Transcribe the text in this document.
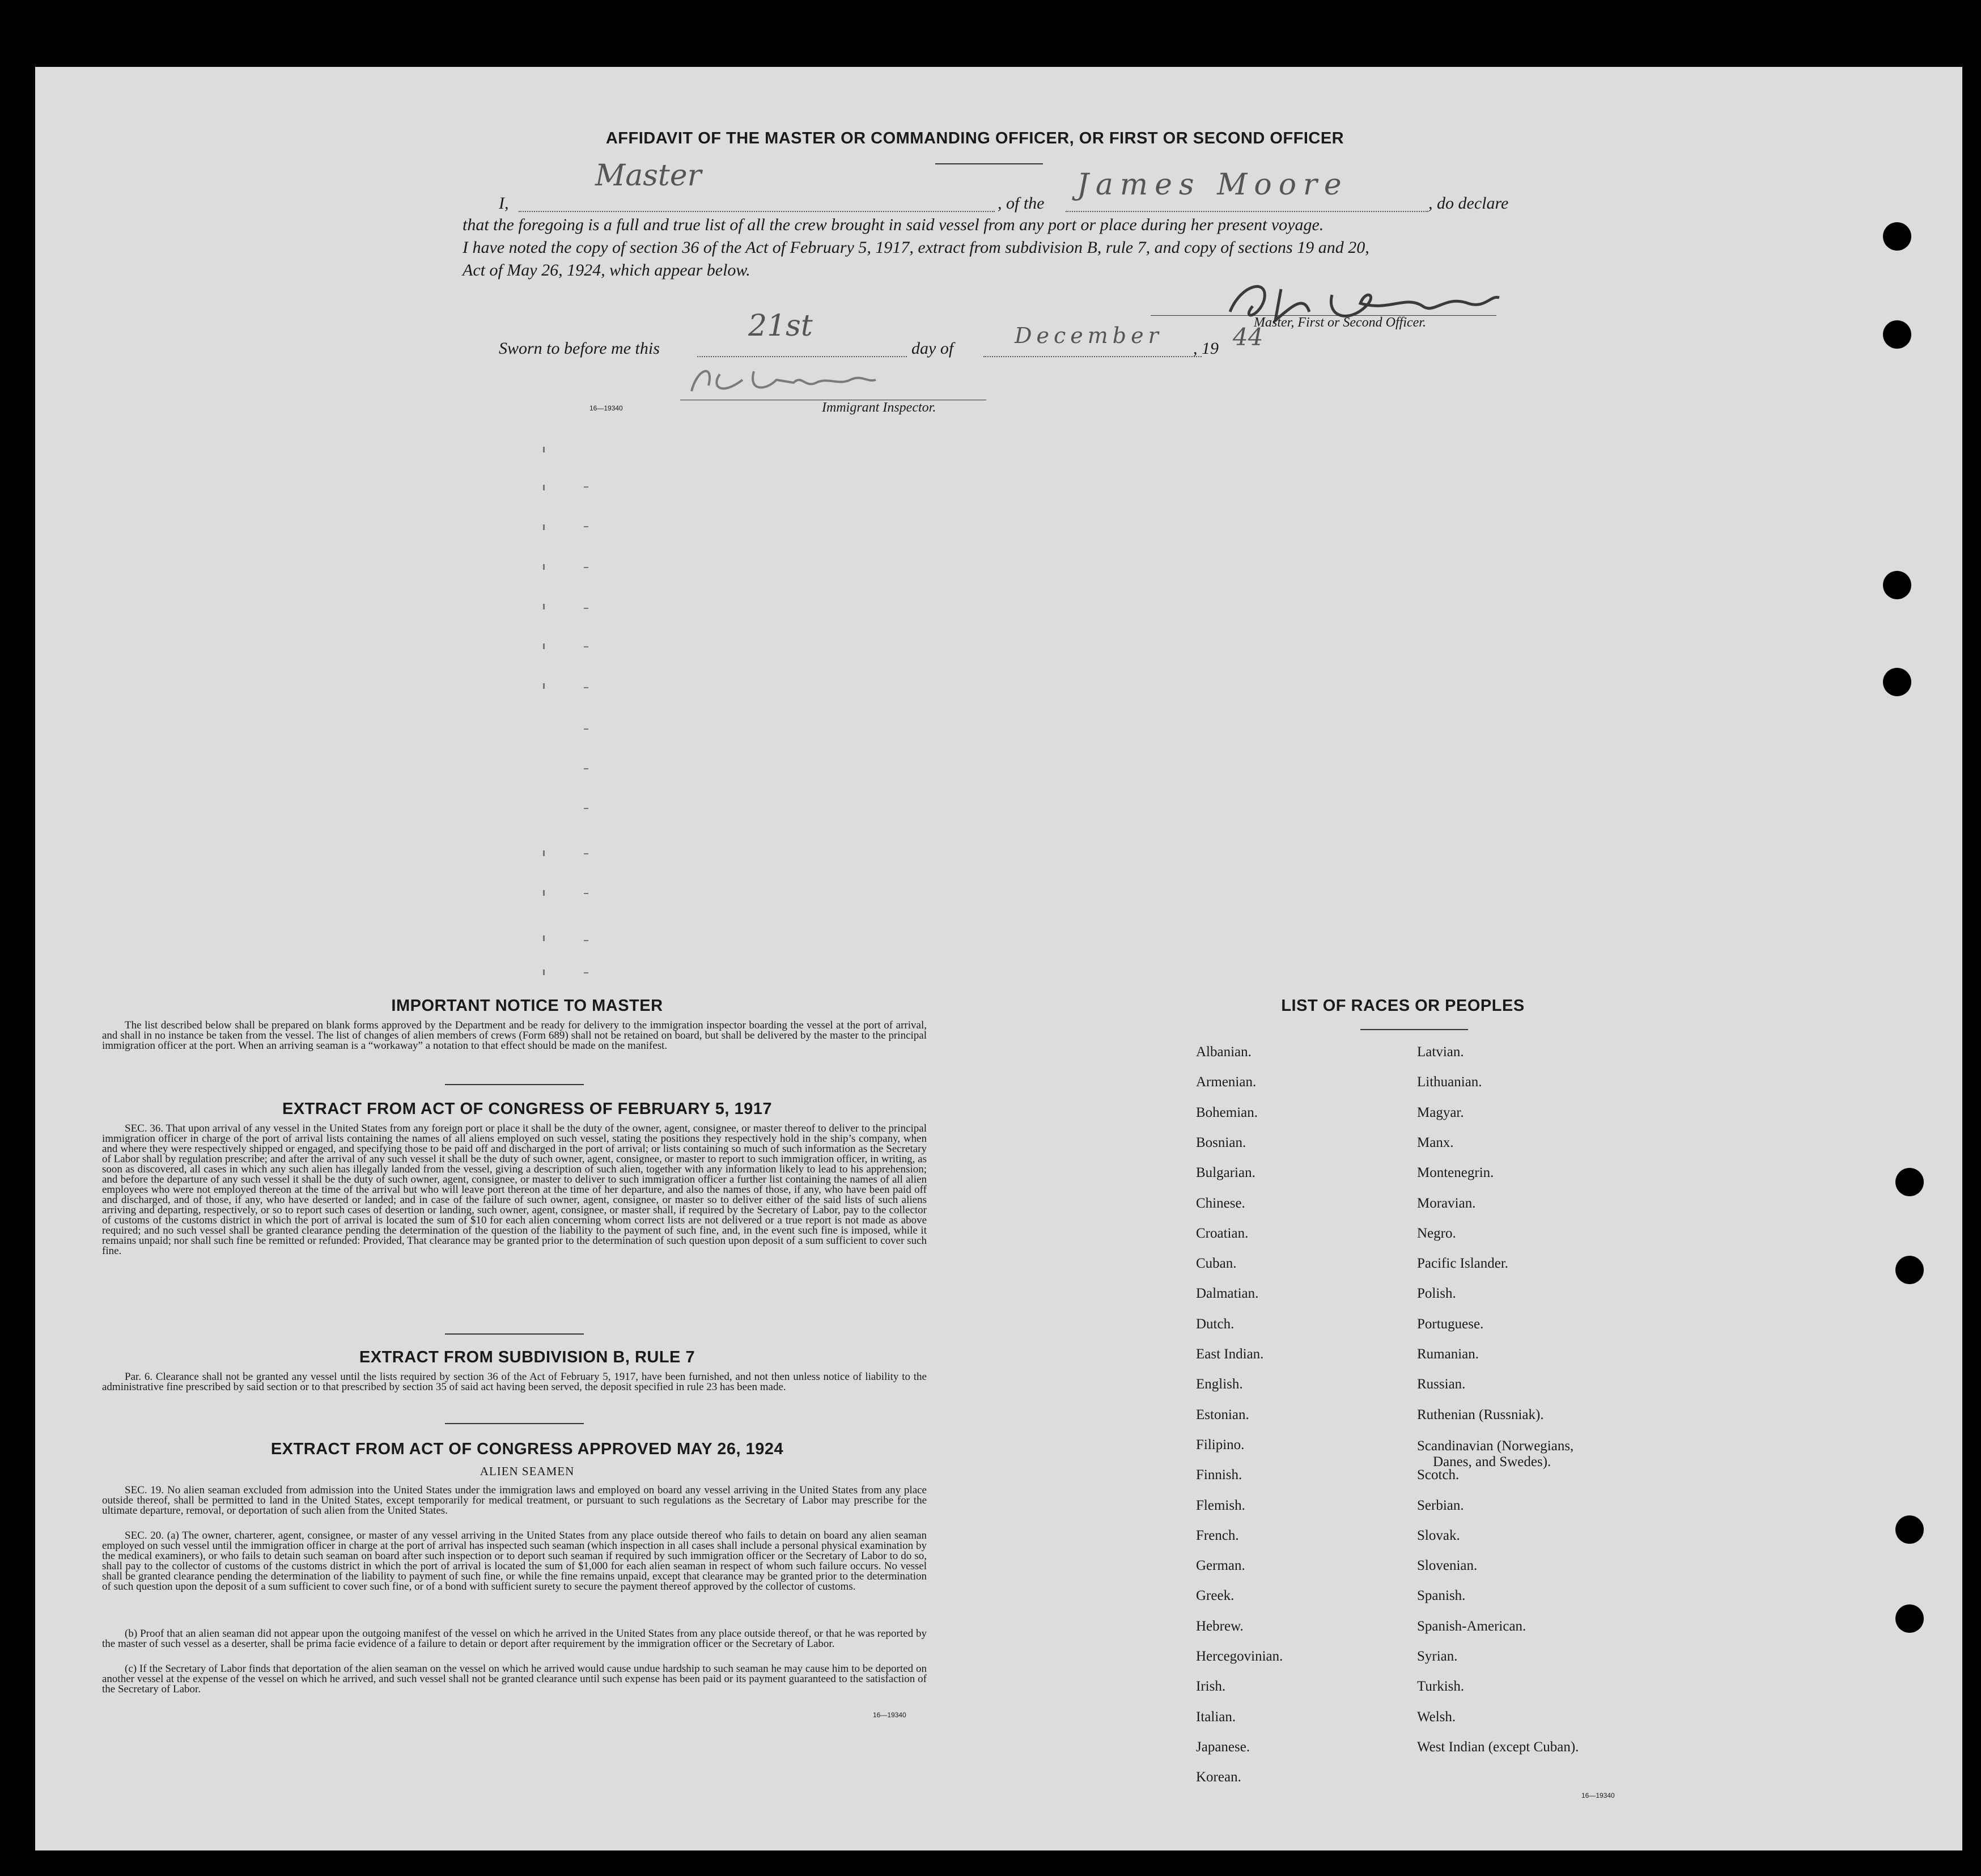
AFFIDAVIT OF THE MASTER OR COMMANDING OFFICER, OR FIRST OR SECOND OFFICER
I,
Master
, of the
James Moore
, do declare
that the foregoing is a full and true list of all the crew brought in said vessel from any port or place during her present voyage.
I have noted the copy of section 36 of the Act of February 5, 1917, extract from subdivision B, rule 7, and copy of sections 19 and 20,
Act of May 26, 1924, which appear below.
Master, First or Second Officer.
Sworn to before me this
21st
day of
December
, 19 44
16—19340	Immigrant Inspector.
IMPORTANT NOTICE TO MASTER
The list described below shall be prepared on blank forms approved by the Department and be ready for delivery to the immigration inspector boarding the vessel at the port of arrival, and shall in no instance be taken from the vessel. The list of changes of alien members of crews (Form 689) shall not be retained on board, but shall be delivered by the master to the principal immigration officer at the port. When an arriving seaman is a “workaway” a notation to that effect should be made on the manifest.
EXTRACT FROM ACT OF CONGRESS OF FEBRUARY 5, 1917
SEC. 36. That upon arrival of any vessel in the United States from any foreign port or place it shall be the duty of the owner, agent, consignee, or master thereof to deliver to the principal immigration officer in charge of the port of arrival lists containing the names of all aliens employed on such vessel, stating the positions they respectively hold in the ship’s company, when and where they were respectively shipped or engaged, and specifying those to be paid off and discharged in the port of arrival; or lists containing so much of such information as the Secretary of Labor shall by regulation prescribe; and after the arrival of any such vessel it shall be the duty of such owner, agent, consignee, or master to report to such immigration officer, in writing, as soon as discovered, all cases in which any such alien has illegally landed from the vessel, giving a description of such alien, together with any information likely to lead to his apprehension; and before the departure of any such vessel it shall be the duty of such owner, agent, consignee, or master to deliver to such immigration officer a further list containing the names of all alien employees who were not employed thereon at the time of the arrival but who will leave port thereon at the time of her departure, and also the names of those, if any, who have been paid off and discharged, and of those, if any, who have deserted or landed; and in case of the failure of such owner, agent, consignee, or master so to deliver either of the said lists of such aliens arriving and departing, respectively, or so to report such cases of desertion or landing, such owner, agent, consignee, or master shall, if required by the Secretary of Labor, pay to the collector of customs of the customs district in which the port of arrival is located the sum of $10 for each alien concerning whom correct lists are not delivered or a true report is not made as above required; and no such vessel shall be granted clearance pending the determination of the question of the liability to the payment of such fine, and, in the event such fine is imposed, while it remains unpaid; nor shall such fine be remitted or refunded: Provided, That clearance may be granted prior to the determination of such question upon deposit of a sum sufficient to cover such fine.
EXTRACT FROM SUBDIVISION B, RULE 7
Par. 6. Clearance shall not be granted any vessel until the lists required by section 36 of the Act of February 5, 1917, have been furnished, and not then unless notice of liability to the administrative fine prescribed by said section or to that prescribed by section 35 of said act having been served, the deposit specified in rule 23 has been made.
EXTRACT FROM ACT OF CONGRESS APPROVED MAY 26, 1924
ALIEN SEAMEN
SEC. 19. No alien seaman excluded from admission into the United States under the immigration laws and employed on board any vessel arriving in the United States from any place outside thereof, shall be permitted to land in the United States, except temporarily for medical treatment, or pursuant to such regulations as the Secretary of Labor may prescribe for the ultimate departure, removal, or deportation of such alien from the United States.
SEC. 20. (a) The owner, charterer, agent, consignee, or master of any vessel arriving in the United States from any place outside thereof who fails to detain on board any alien seaman employed on such vessel until the immigration officer in charge at the port of arrival has inspected such seaman (which inspection in all cases shall include a personal physical examination by the medical examiners), or who fails to detain such seaman on board after such inspection or to deport such seaman if required by such immigration officer or the Secretary of Labor to do so, shall pay to the collector of customs of the customs district in which the port of arrival is located the sum of $1,000 for each alien seaman in respect of whom such failure occurs. No vessel shall be granted clearance pending the determination of the liability to payment of such fine, or while the fine remains unpaid, except that clearance may be granted prior to the determination of such question upon the deposit of a sum sufficient to cover such fine, or of a bond with sufficient surety to secure the payment thereof approved by the collector of customs.
(b) Proof that an alien seaman did not appear upon the outgoing manifest of the vessel on which he arrived in the United States from any place outside thereof, or that he was reported by the master of such vessel as a deserter, shall be prima facie evidence of a failure to detain or deport after requirement by the immigration officer or the Secretary of Labor.
(c) If the Secretary of Labor finds that deportation of the alien seaman on the vessel on which he arrived would cause undue hardship to such seaman he may cause him to be deported on another vessel at the expense of the vessel on which he arrived, and such vessel shall not be granted clearance until such expense has been paid or its payment guaranteed to the satisfaction of the Secretary of Labor.
16—19340
LIST OF RACES OR PEOPLES
Albanian.
Armenian.
Bohemian.
Bosnian.
Bulgarian.
Chinese.
Croatian.
Cuban.
Dalmatian.
Dutch.
East Indian.
English.
Estonian.
Filipino.
Finnish.
Flemish.
French.
German.
Greek.
Hebrew.
Hercegovinian.
Irish.
Italian.
Japanese.
Korean.
Latvian.
Lithuanian.
Magyar.
Manx.
Montenegrin.
Moravian.
Negro.
Pacific Islander.
Polish.
Portuguese.
Rumanian.
Russian.
Ruthenian (Russniak).
Scandinavian (Norwegians,
Danes, and Swedes).
Scotch.
Serbian.
Slovak.
Slovenian.
Spanish.
Spanish-American.
Syrian.
Turkish.
Welsh.
West Indian (except Cuban).
16—19340
